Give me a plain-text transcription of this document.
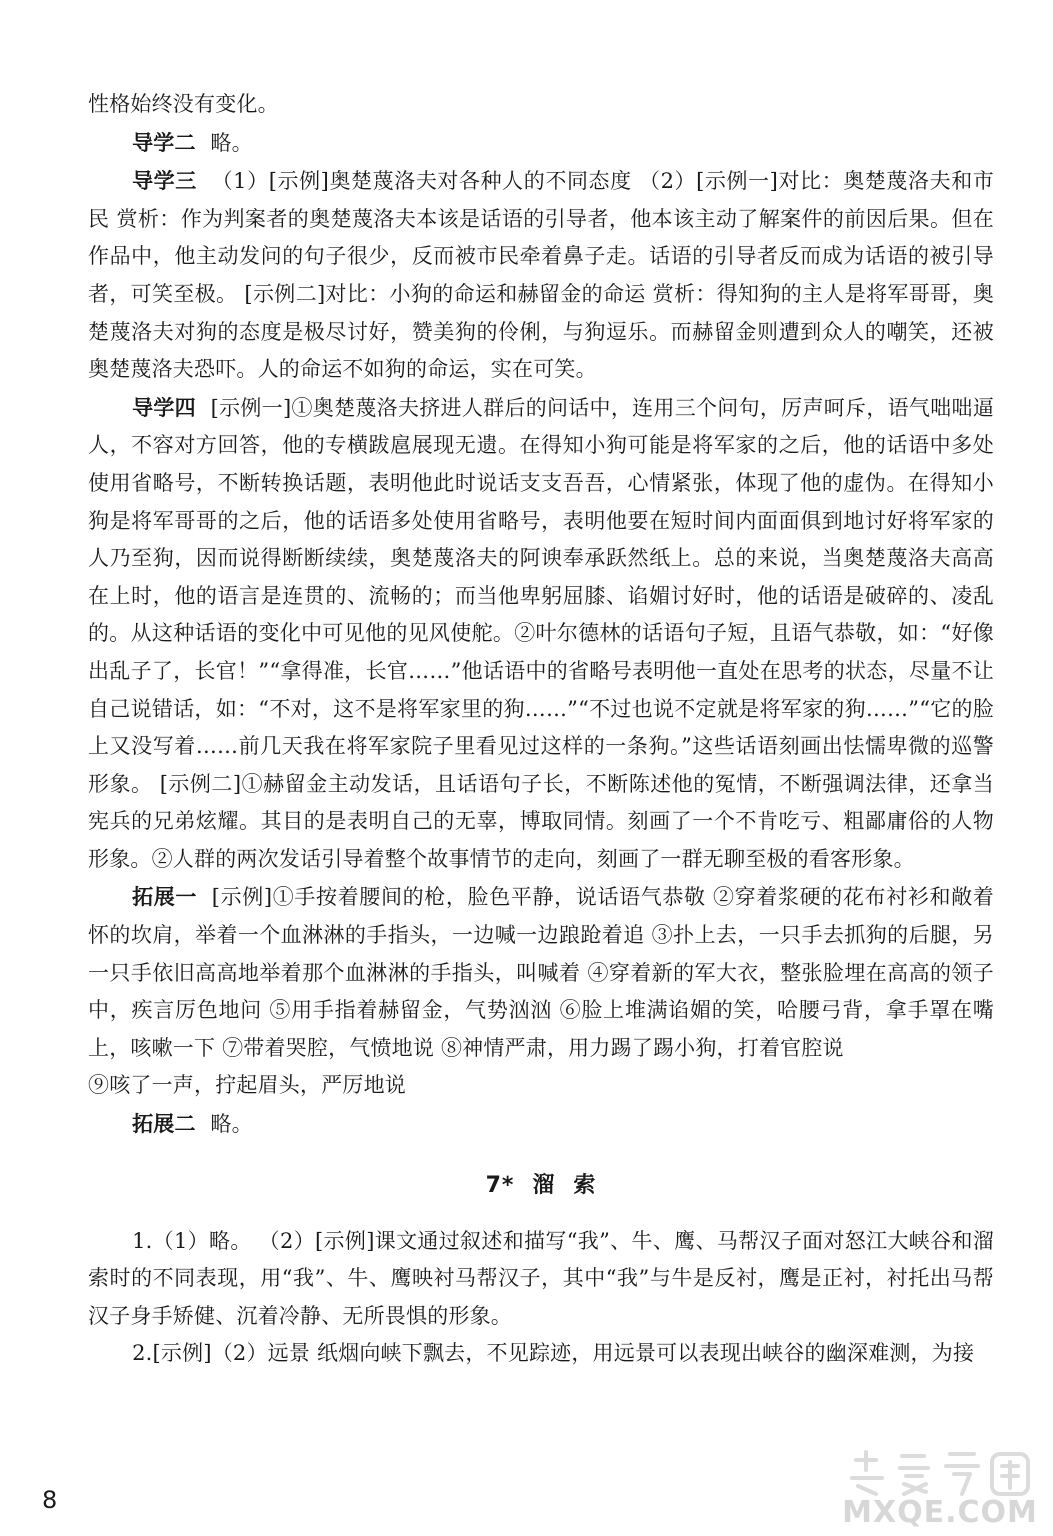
性格始终没有变化。

导学二 略。

导学三 （1）[示例]奥楚蔑洛夫对各种人的不同态度 （2）[示例一]对比：奥楚蔑洛夫和市民 赏析：作为判案者的奥楚蔑洛夫本该是话语的引导者，他本该主动了解案件的前因后果。但在作品中，他主动发问的句子很少，反而被市民牵着鼻子走。话语的引导者反而成为话语的被引导者，可笑至极。 [示例二]对比：小狗的命运和赫留金的命运 赏析：得知狗的主人是将军哥哥，奥楚蔑洛夫对狗的态度是极尽讨好，赞美狗的伶俐，与狗逗乐。而赫留金则遭到众人的嘲笑，还被奥楚蔑洛夫恐吓。人的命运不如狗的命运，实在可笑。

导学四 [示例一]①奥楚蔑洛夫挤进人群后的问话中，连用三个问句，厉声呵斥，语气咄咄逼人，不容对方回答，他的专横跋扈展现无遗。在得知小狗可能是将军家的之后，他的话语中多处使用省略号，不断转换话题，表明他此时说话支支吾吾，心情紧张，体现了他的虚伪。在得知小狗是将军哥哥的之后，他的话语多处使用省略号，表明他要在短时间内面面俱到地讨好将军家的人乃至狗，因而说得断断续续，奥楚蔑洛夫的阿谀奉承跃然纸上。总的来说，当奥楚蔑洛夫高高在上时，他的语言是连贯的、流畅的；而当他卑躬屈膝、谄媚讨好时，他的话语是破碎的、凌乱的。从这种话语的变化中可见他的见风使舵。②叶尔德林的话语句子短，且语气恭敬，如：“好像出乱子了，长官！”“拿得准，长官……”他话语中的省略号表明他一直处在思考的状态，尽量不让自己说错话，如：“不对，这不是将军家里的狗……”“不过也说不定就是将军家的狗……”“它的脸上又没写着……前几天我在将军家院子里看见过这样的一条狗。”这些话语刻画出怯懦卑微的巡警形象。 [示例二]①赫留金主动发话，且话语句子长，不断陈述他的冤情，不断强调法律，还拿当宪兵的兄弟炫耀。其目的是表明自己的无辜，博取同情。刻画了一个不肯吃亏、粗鄙庸俗的人物形象。②人群的两次发话引导着整个故事情节的走向，刻画了一群无聊至极的看客形象。

拓展一 [示例]①手按着腰间的枪，脸色平静，说话语气恭敬 ②穿着浆硬的花布衬衫和敞着怀的坎肩，举着一个血淋淋的手指头，一边喊一边踉跄着追 ③扑上去，一只手去抓狗的后腿，另一只手依旧高高地举着那个血淋淋的手指头，叫喊着 ④穿着新的军大衣，整张脸埋在高高的领子中，疾言厉色地问 ⑤用手指着赫留金，气势汹汹 ⑥脸上堆满谄媚的笑，哈腰弓背，拿手罩在嘴上，咳嗽一下 ⑦带着哭腔，气愤地说 ⑧神情严肃，用力踢了踢小狗，打着官腔说

⑨咳了一声，拧起眉头，严厉地说

拓展二 略。

7* 溜 索

1.（1）略。 （2）[示例]课文通过叙述和描写“我”、牛、鹰、马帮汉子面对怒江大峡谷和溜索时的不同表现，用“我”、牛、鹰映衬马帮汉子，其中“我”与牛是反衬，鹰是正衬，衬托出马帮汉子身手矫健、沉着冷静、无所畏惧的形象。

2.[示例]（2）远景 纸烟向峡下飘去，不见踪迹，用远景可以表现出峡谷的幽深难测，为接

8	MXQE.COM
